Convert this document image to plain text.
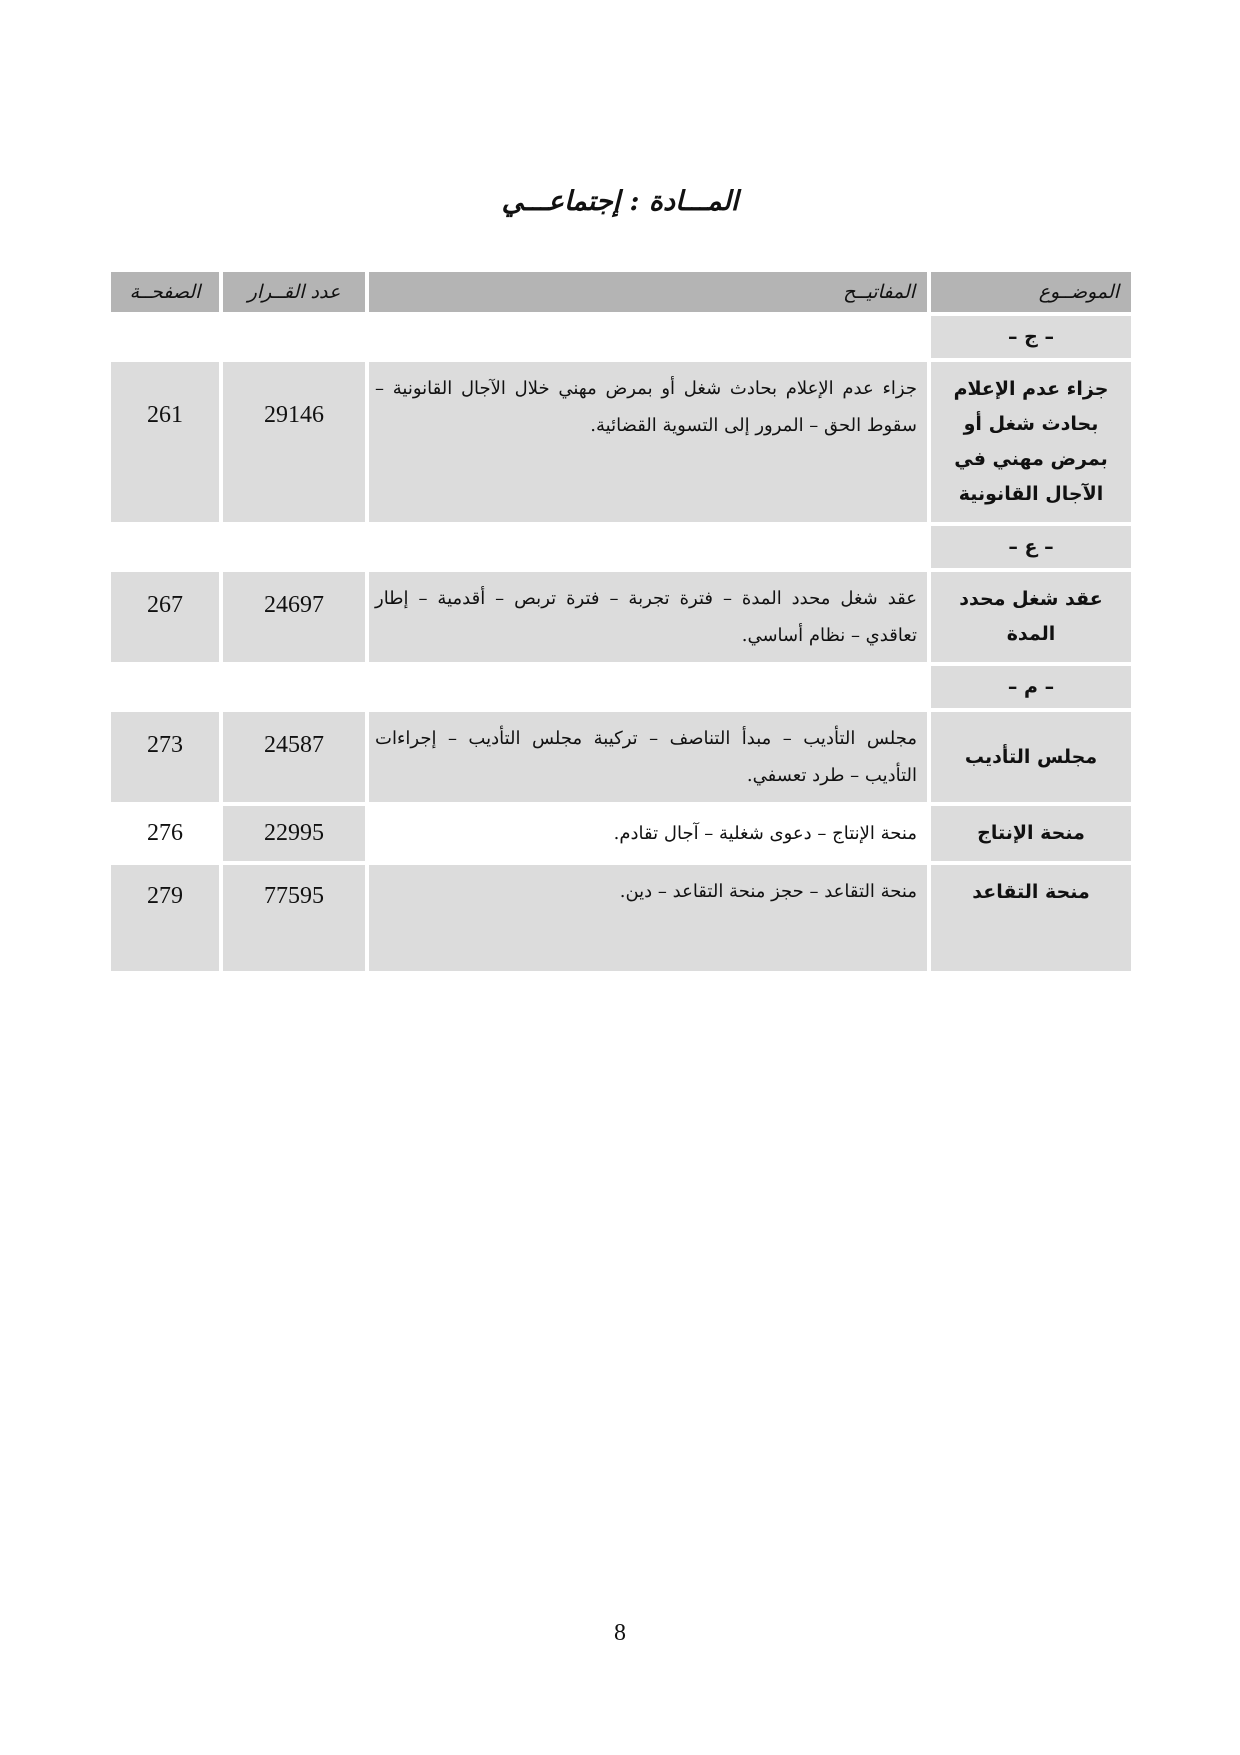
المـــادة : إجتماعـــي
الموضــوع	المفاتيــح	عدد القــرار	الصفحــة
– ج –			
جزاء عدم الإعلام بحادث شغل أو بمرض مهني في الآجال القانونية	جزاء عدم الإعلام بحادث شغل أو بمرض مهني خلال الآجال القانونية – سقوط الحق – المرور إلى التسوية القضائية.	29146	261
– ع –			
عقد شغل محدد المدة	عقد شغل محدد المدة – فترة تجربة – فترة تربص – أقدمية – إطار تعاقدي – نظام أساسي.	24697	267
– م –			
مجلس التأديب	مجلس التأديب – مبدأ التناصف – تركيبة مجلس التأديب – إجراءات التأديب – طرد تعسفي.	24587	273
منحة الإنتاج	منحة الإنتاج – دعوى شغلية – آجال تقادم.	22995	276
منحة التقاعد	منحة التقاعد – حجز منحة التقاعد – دين.	77595	279
8
